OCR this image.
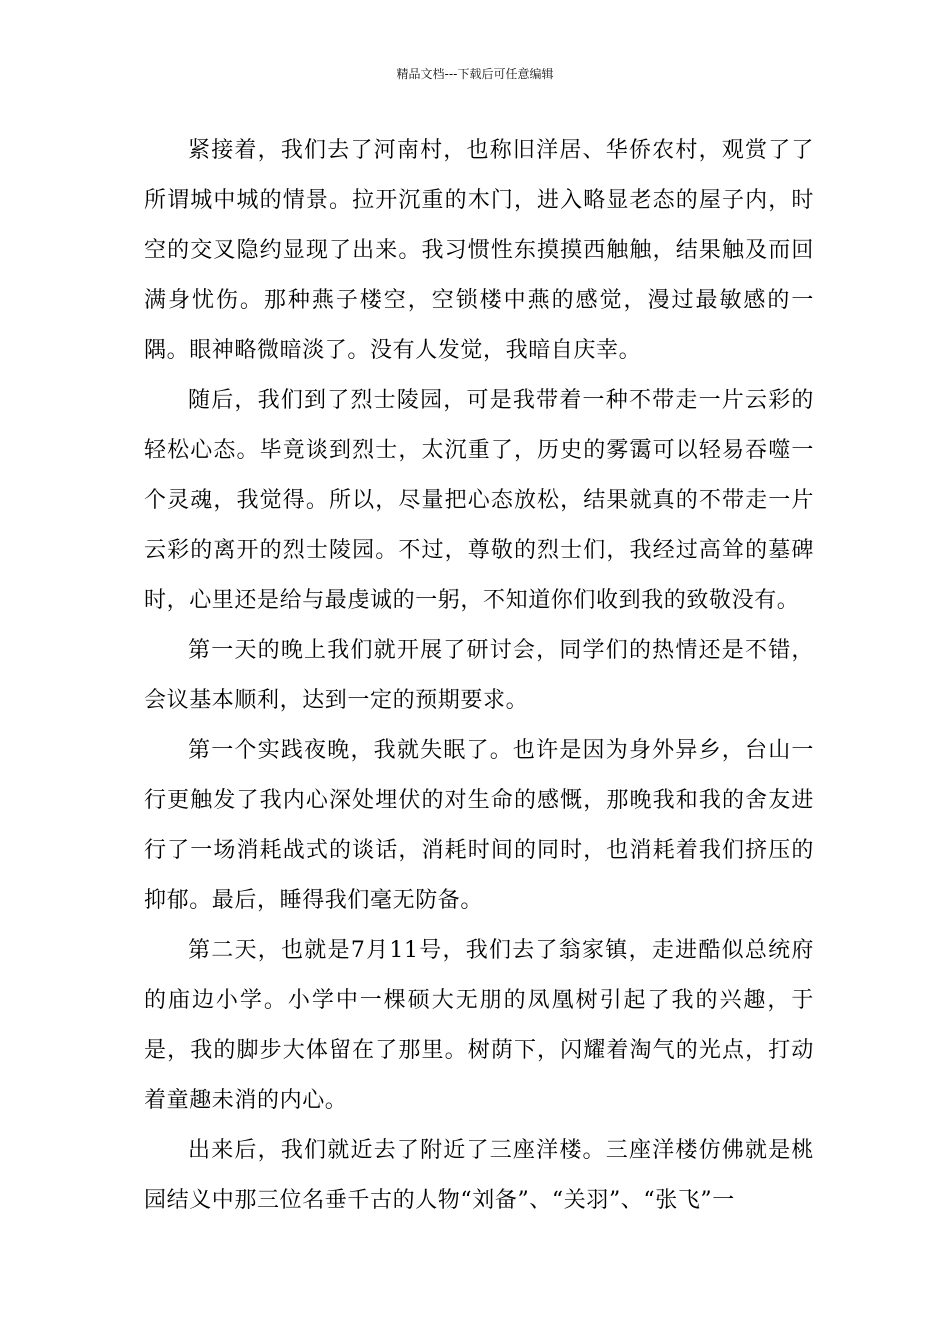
精品文档---下载后可任意编辑

紧接着，我们去了河南村，也称旧洋居、华侨农村，观赏了了所谓城中城的情景。拉开沉重的木门，进入略显老态的屋子内，时空的交叉隐约显现了出来。我习惯性东摸摸西触触，结果触及而回满身忧伤。那种燕子楼空，空锁楼中燕的感觉，漫过最敏感的一隅。眼神略微暗淡了。没有人发觉，我暗自庆幸。

随后，我们到了烈士陵园，可是我带着一种不带走一片云彩的轻松心态。毕竟谈到烈士，太沉重了，历史的雾霭可以轻易吞噬一个灵魂，我觉得。所以，尽量把心态放松，结果就真的不带走一片云彩的离开的烈士陵园。不过，尊敬的烈士们，我经过高耸的墓碑时，心里还是给与最虔诚的一躬，不知道你们收到我的致敬没有。

第一天的晚上我们就开展了研讨会，同学们的热情还是不错，会议基本顺利，达到一定的预期要求。

第一个实践夜晚，我就失眠了。也许是因为身外异乡，台山一行更触发了我内心深处埋伏的对生命的感慨，那晚我和我的舍友进行了一场消耗战式的谈话，消耗时间的同时，也消耗着我们挤压的抑郁。最后，睡得我们毫无防备。

第二天，也就是7月11号，我们去了翁家镇，走进酷似总统府的庙边小学。小学中一棵硕大无朋的凤凰树引起了我的兴趣，于是，我的脚步大体留在了那里。树荫下，闪耀着淘气的光点，打动着童趣未消的内心。

出来后，我们就近去了附近了三座洋楼。三座洋楼仿佛就是桃园结义中那三位名垂千古的人物“刘备”、“关羽”、“张飞”一
